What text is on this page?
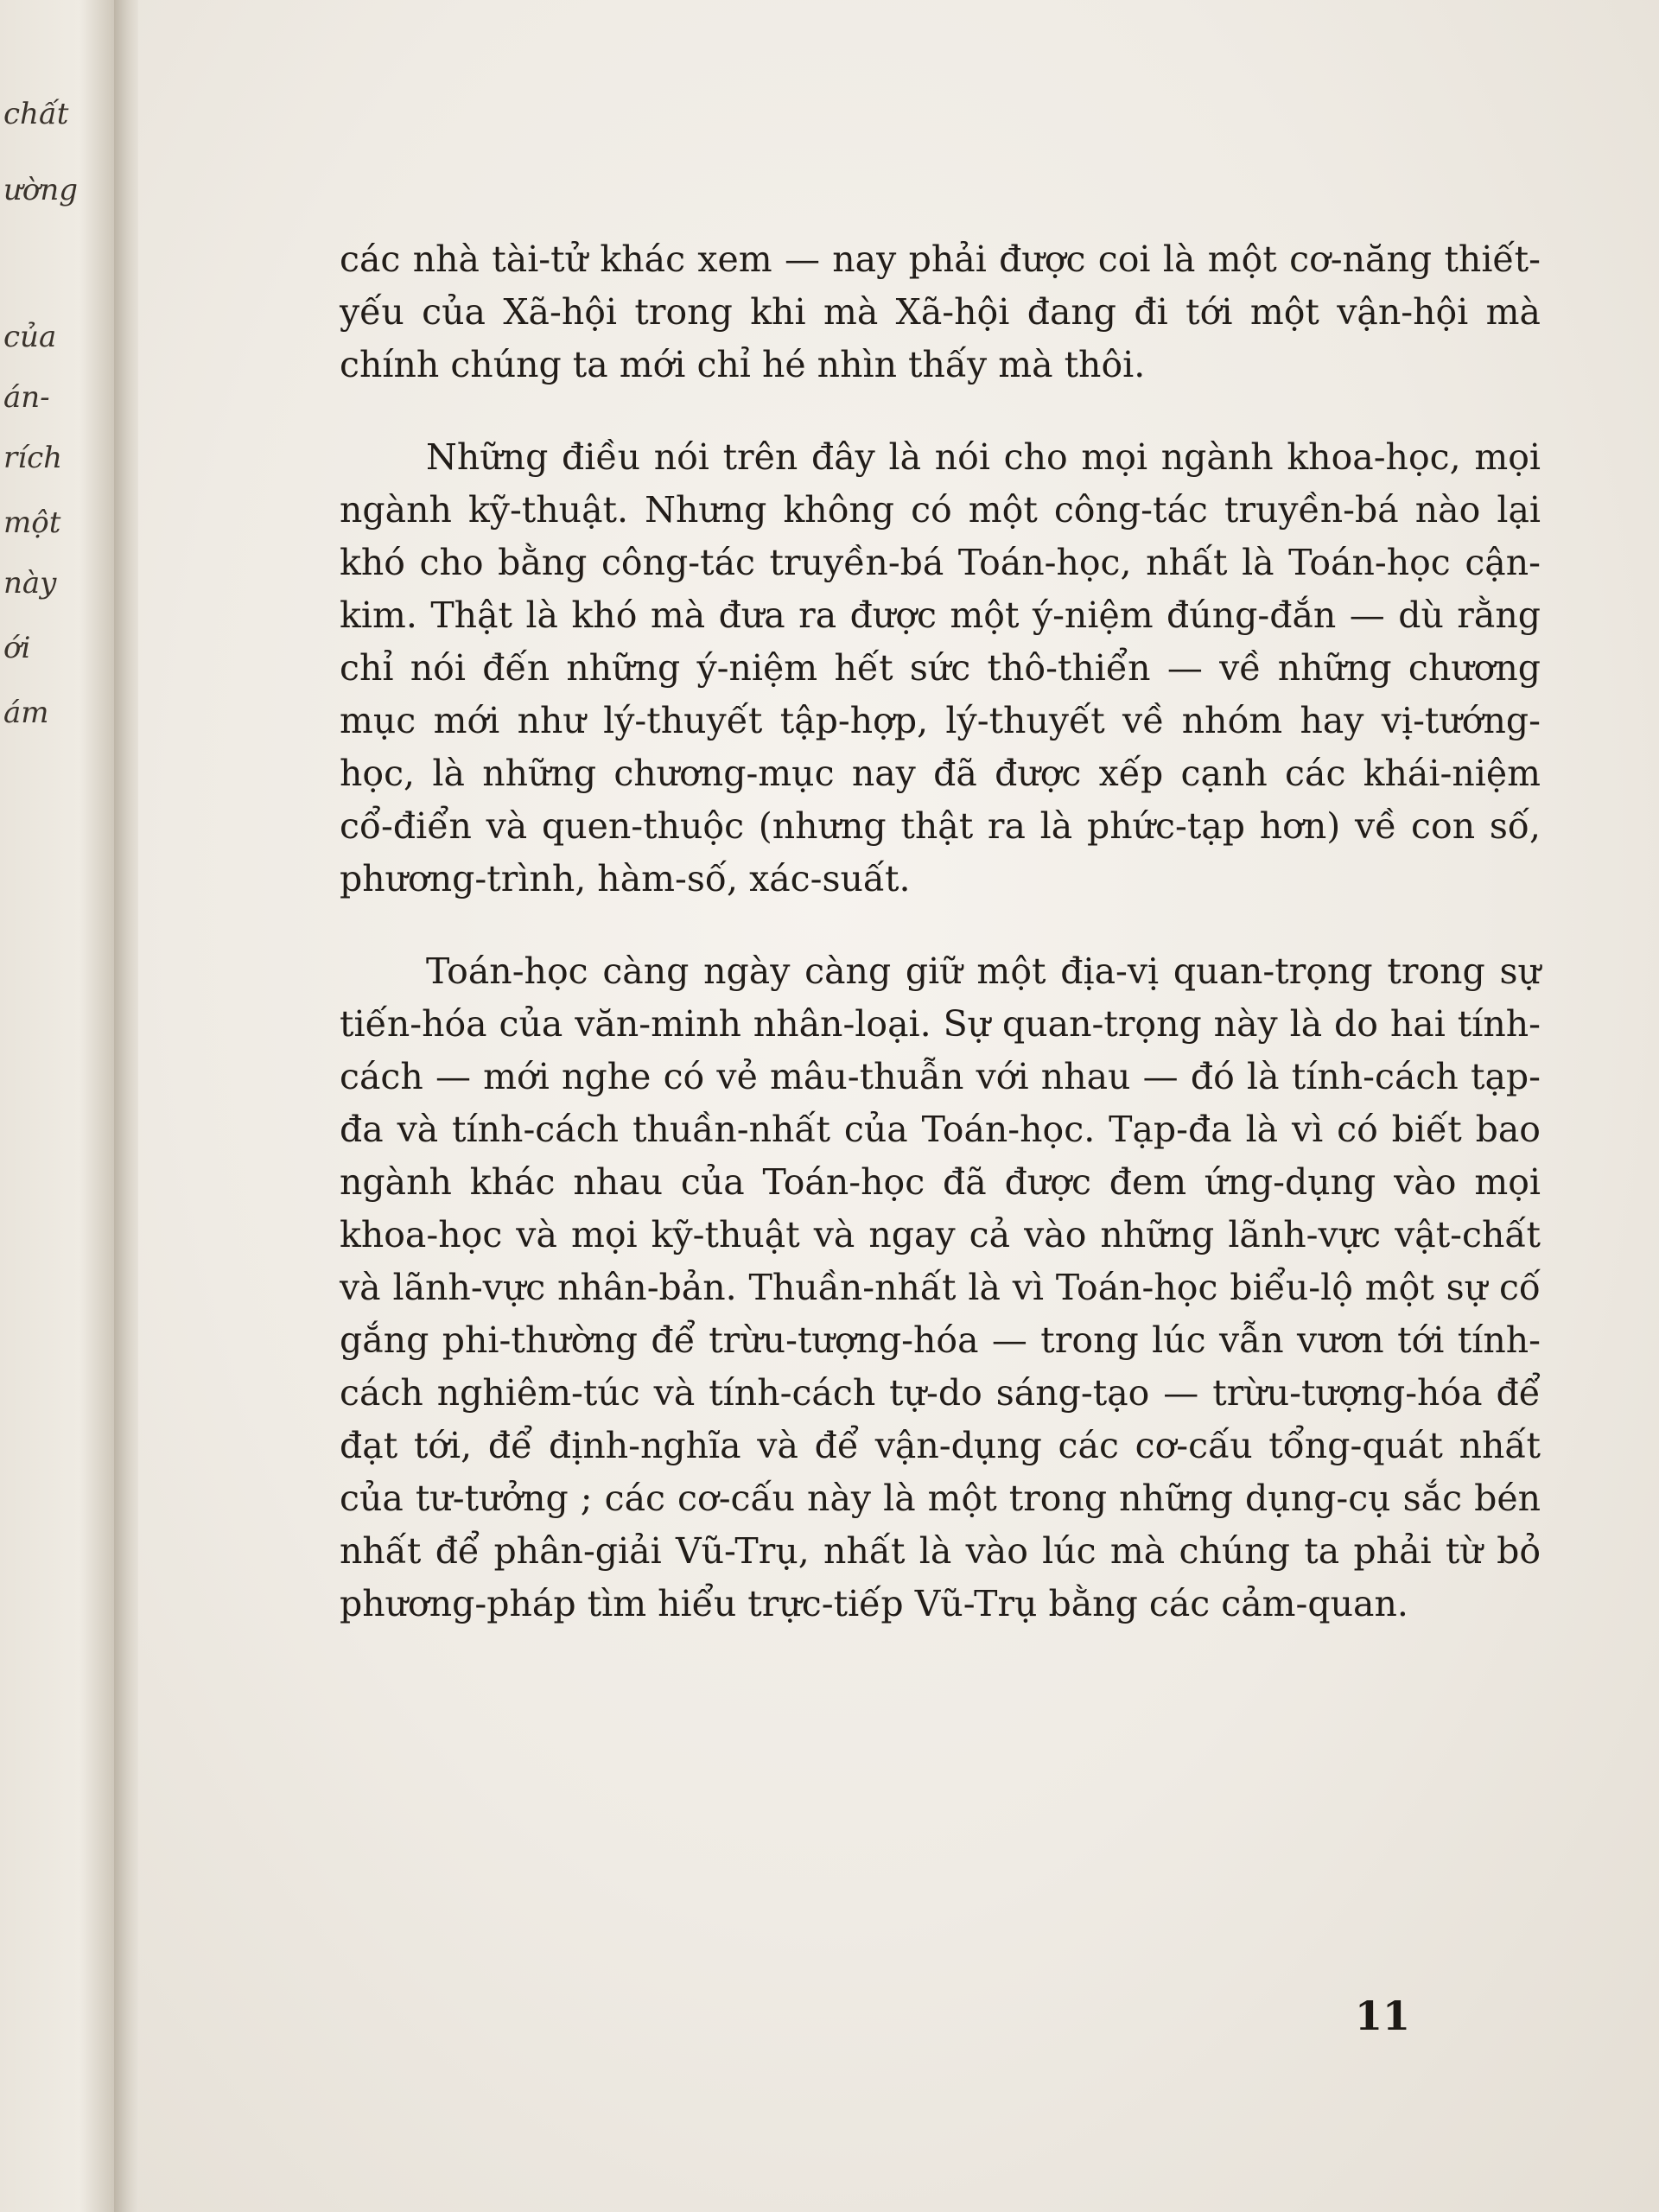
chất
ường
của
án-
rích
một
này
ới
ám

các nhà tài-tử khác xem — nay phải được coi là một cơ-năng thiết-yếu của Xã-hội trong khi mà Xã-hội đang đi tới một vận-hội mà chính chúng ta mới chỉ hé nhìn thấy mà thôi.

Những điều nói trên đây là nói cho mọi ngành khoa-học, mọi ngành kỹ-thuật. Nhưng không có một công-tác truyền-bá nào lại khó cho bằng công-tác truyền-bá Toán-học, nhất là Toán-học cận-kim. Thật là khó mà đưa ra được một ý-niệm đúng-đắn — dù rằng chỉ nói đến những ý-niệm hết sức thô-thiển — về những chương mục mới như lý-thuyết tập-hợp, lý-thuyết về nhóm hay vị-tướng-học, là những chương-mục nay đã được xếp cạnh các khái-niệm cổ-điển và quen-thuộc (nhưng thật ra là phức-tạp hơn) về con số, phương-trình, hàm-số, xác-suất.

Toán-học càng ngày càng giữ một địa-vị quan-trọng trong sự tiến-hóa của văn-minh nhân-loại. Sự quan-trọng này là do hai tính-cách — mới nghe có vẻ mâu-thuẫn với nhau — đó là tính-cách tạp-đa và tính-cách thuần-nhất của Toán-học. Tạp-đa là vì có biết bao ngành khác nhau của Toán-học đã được đem ứng-dụng vào mọi khoa-học và mọi kỹ-thuật và ngay cả vào những lãnh-vực vật-chất và lãnh-vực nhân-bản. Thuần-nhất là vì Toán-học biểu-lộ một sự cố gắng phi-thường để trừu-tượng-hóa — trong lúc vẫn vươn tới tính-cách nghiêm-túc và tính-cách tự-do sáng-tạo — trừu-tượng-hóa để đạt tới, để định-nghĩa và để vận-dụng các cơ-cấu tổng-quát nhất của tư-tưởng ; các cơ-cấu này là một trong những dụng-cụ sắc bén nhất để phân-giải Vũ-Trụ, nhất là vào lúc mà chúng ta phải từ bỏ phương-pháp tìm hiểu trực-tiếp Vũ-Trụ bằng các cảm-quan.

11
